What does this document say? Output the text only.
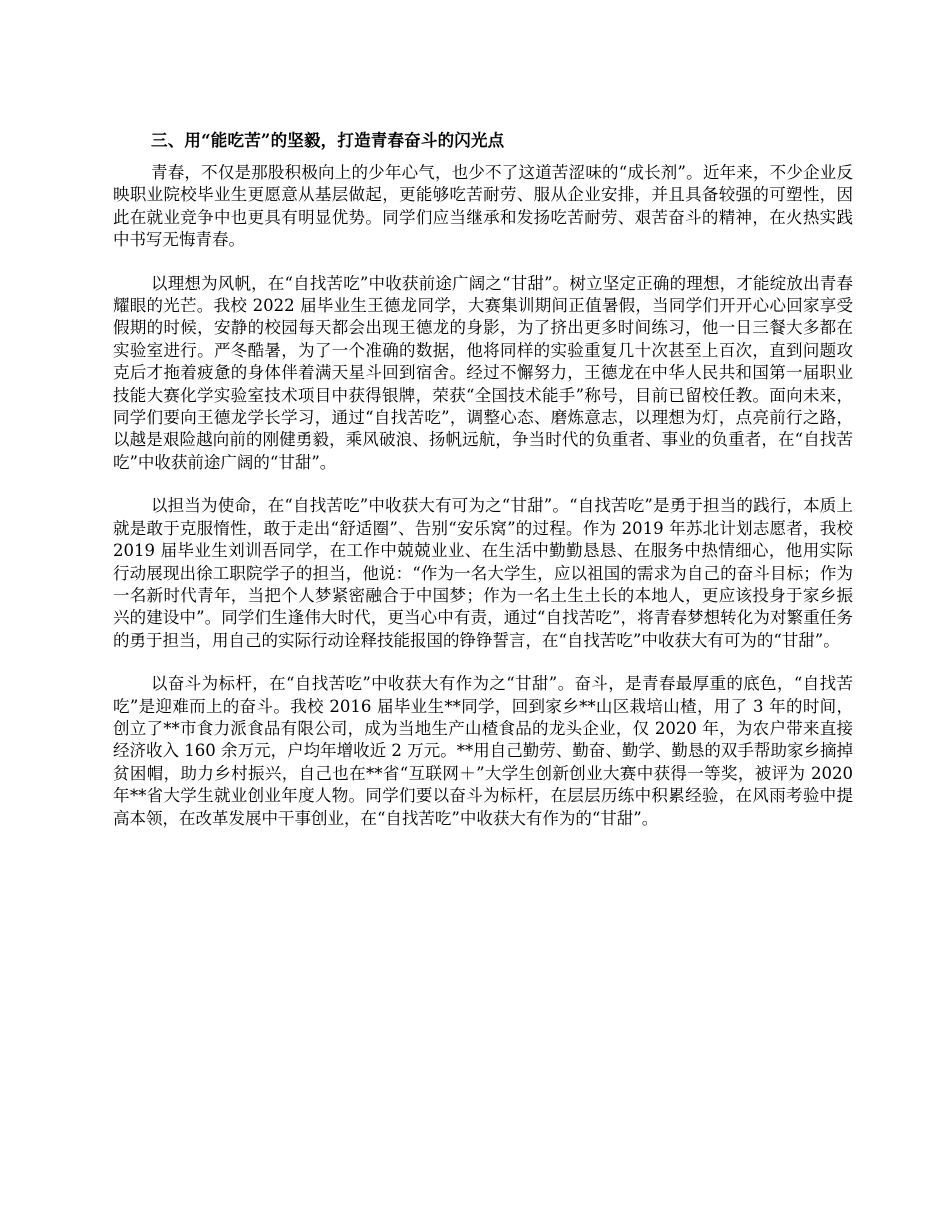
三、用“能吃苦”的坚毅，打造青春奋斗的闪光点

青春，不仅是那股积极向上的少年心气，也少不了这道苦涩味的“成长剂”。近年来，不少企业反映职业院校毕业生更愿意从基层做起，更能够吃苦耐劳、服从企业安排，并且具备较强的可塑性，因此在就业竞争中也更具有明显优势。同学们应当继承和发扬吃苦耐劳、艰苦奋斗的精神，在火热实践中书写无悔青春。

以理想为风帆，在“自找苦吃”中收获前途广阔之“甘甜”。树立坚定正确的理想，才能绽放出青春耀眼的光芒。我校 2022 届毕业生王德龙同学，大赛集训期间正值暑假，当同学们开开心心回家享受假期的时候，安静的校园每天都会出现王德龙的身影，为了挤出更多时间练习，他一日三餐大多都在实验室进行。严冬酷暑，为了一个准确的数据，他将同样的实验重复几十次甚至上百次，直到问题攻克后才拖着疲惫的身体伴着满天星斗回到宿舍。经过不懈努力，王德龙在中华人民共和国第一届职业技能大赛化学实验室技术项目中获得银牌，荣获“全国技术能手”称号，目前已留校任教。面向未来，同学们要向王德龙学长学习，通过“自找苦吃”，调整心态、磨炼意志，以理想为灯，点亮前行之路，以越是艰险越向前的刚健勇毅，乘风破浪、扬帆远航，争当时代的负重者、事业的负重者，在“自找苦吃”中收获前途广阔的“甘甜”。

以担当为使命，在“自找苦吃”中收获大有可为之“甘甜”。“自找苦吃”是勇于担当的践行，本质上就是敢于克服惰性，敢于走出“舒适圈”、告别“安乐窝”的过程。作为 2019 年苏北计划志愿者，我校 2019 届毕业生刘训吾同学，在工作中兢兢业业、在生活中勤勤恳恳、在服务中热情细心，他用实际行动展现出徐工职院学子的担当，他说：“作为一名大学生，应以祖国的需求为自己的奋斗目标；作为一名新时代青年，当把个人梦紧密融合于中国梦；作为一名土生土长的本地人，更应该投身于家乡振兴的建设中”。同学们生逢伟大时代，更当心中有责，通过“自找苦吃”，将青春梦想转化为对繁重任务的勇于担当，用自己的实际行动诠释技能报国的铮铮誓言，在“自找苦吃”中收获大有可为的“甘甜”。

以奋斗为标杆，在“自找苦吃”中收获大有作为之“甘甜”。奋斗，是青春最厚重的底色，“自找苦吃”是迎难而上的奋斗。我校 2016 届毕业生**同学，回到家乡**山区栽培山楂，用了 3 年的时间，创立了**市食力派食品有限公司，成为当地生产山楂食品的龙头企业，仅 2020 年，为农户带来直接经济收入 160 余万元，户均年增收近 2 万元。**用自己勤劳、勤奋、勤学、勤恳的双手帮助家乡摘掉贫困帽，助力乡村振兴，自己也在**省“互联网＋”大学生创新创业大赛中获得一等奖，被评为 2020 年**省大学生就业创业年度人物。同学们要以奋斗为标杆，在层层历练中积累经验，在风雨考验中提高本领，在改革发展中干事创业，在“自找苦吃”中收获大有作为的“甘甜”。
